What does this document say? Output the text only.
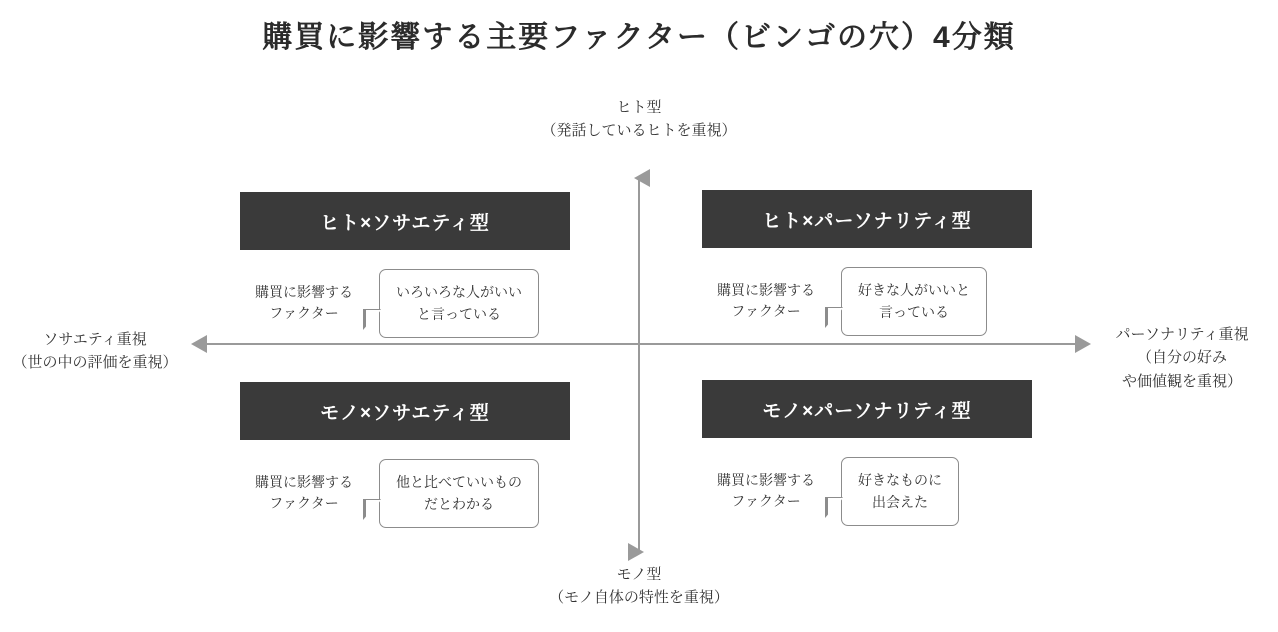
購買に影響する主要ファクター（ビンゴの穴）4分類
ヒト型
（発話しているヒトを重視）
モノ型
（モノ自体の特性を重視）
ソサエティ重視
（世の中の評価を重視）
パーソナリティ重視
（自分の好み
や価値観を重視）
ヒト×ソサエティ型
購買に影響する
ファクター
いろいろな人がいい
と言っている
ヒト×パーソナリティ型
購買に影響する
ファクター
好きな人がいいと
言っている
モノ×ソサエティ型
購買に影響する
ファクター
他と比べていいもの
だとわかる
モノ×パーソナリティ型
購買に影響する
ファクター
好きなものに
出会えた
